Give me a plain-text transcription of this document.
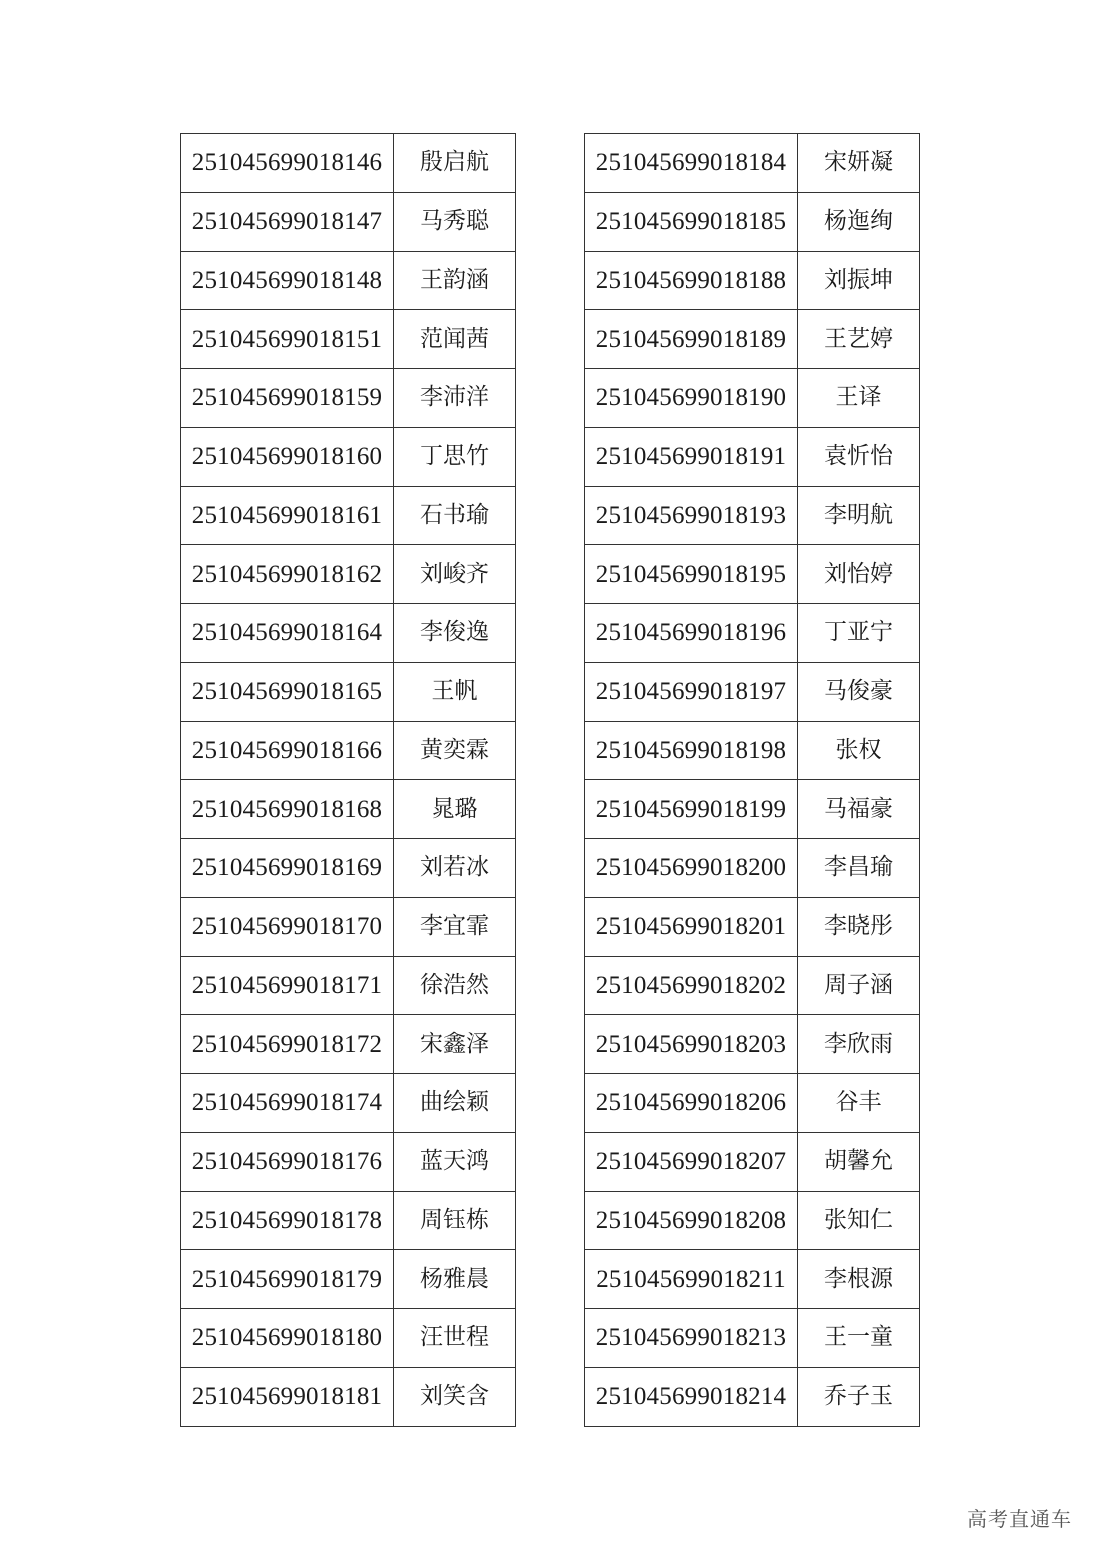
251045699018146	殷启航
251045699018147	马秀聪
251045699018148	王韵涵
251045699018151	范闻茜
251045699018159	李沛洋
251045699018160	丁思竹
251045699018161	石书瑜
251045699018162	刘峻齐
251045699018164	李俊逸
251045699018165	王帆
251045699018166	黄奕霖
251045699018168	晁璐
251045699018169	刘若冰
251045699018170	李宜霏
251045699018171	徐浩然
251045699018172	宋鑫泽
251045699018174	曲绘颖
251045699018176	蓝天鸿
251045699018178	周钰栋
251045699018179	杨雅晨
251045699018180	汪世程
251045699018181	刘笑含
251045699018184	宋妍凝
251045699018185	杨迤绚
251045699018188	刘振坤
251045699018189	王艺婷
251045699018190	王译
251045699018191	袁忻怡
251045699018193	李明航
251045699018195	刘怡婷
251045699018196	丁亚宁
251045699018197	马俊豪
251045699018198	张权
251045699018199	马福豪
251045699018200	李昌瑜
251045699018201	李晓彤
251045699018202	周子涵
251045699018203	李欣雨
251045699018206	谷丰
251045699018207	胡馨允
251045699018208	张知仁
251045699018211	李根源
251045699018213	王一童
251045699018214	乔子玉
高考直通车
